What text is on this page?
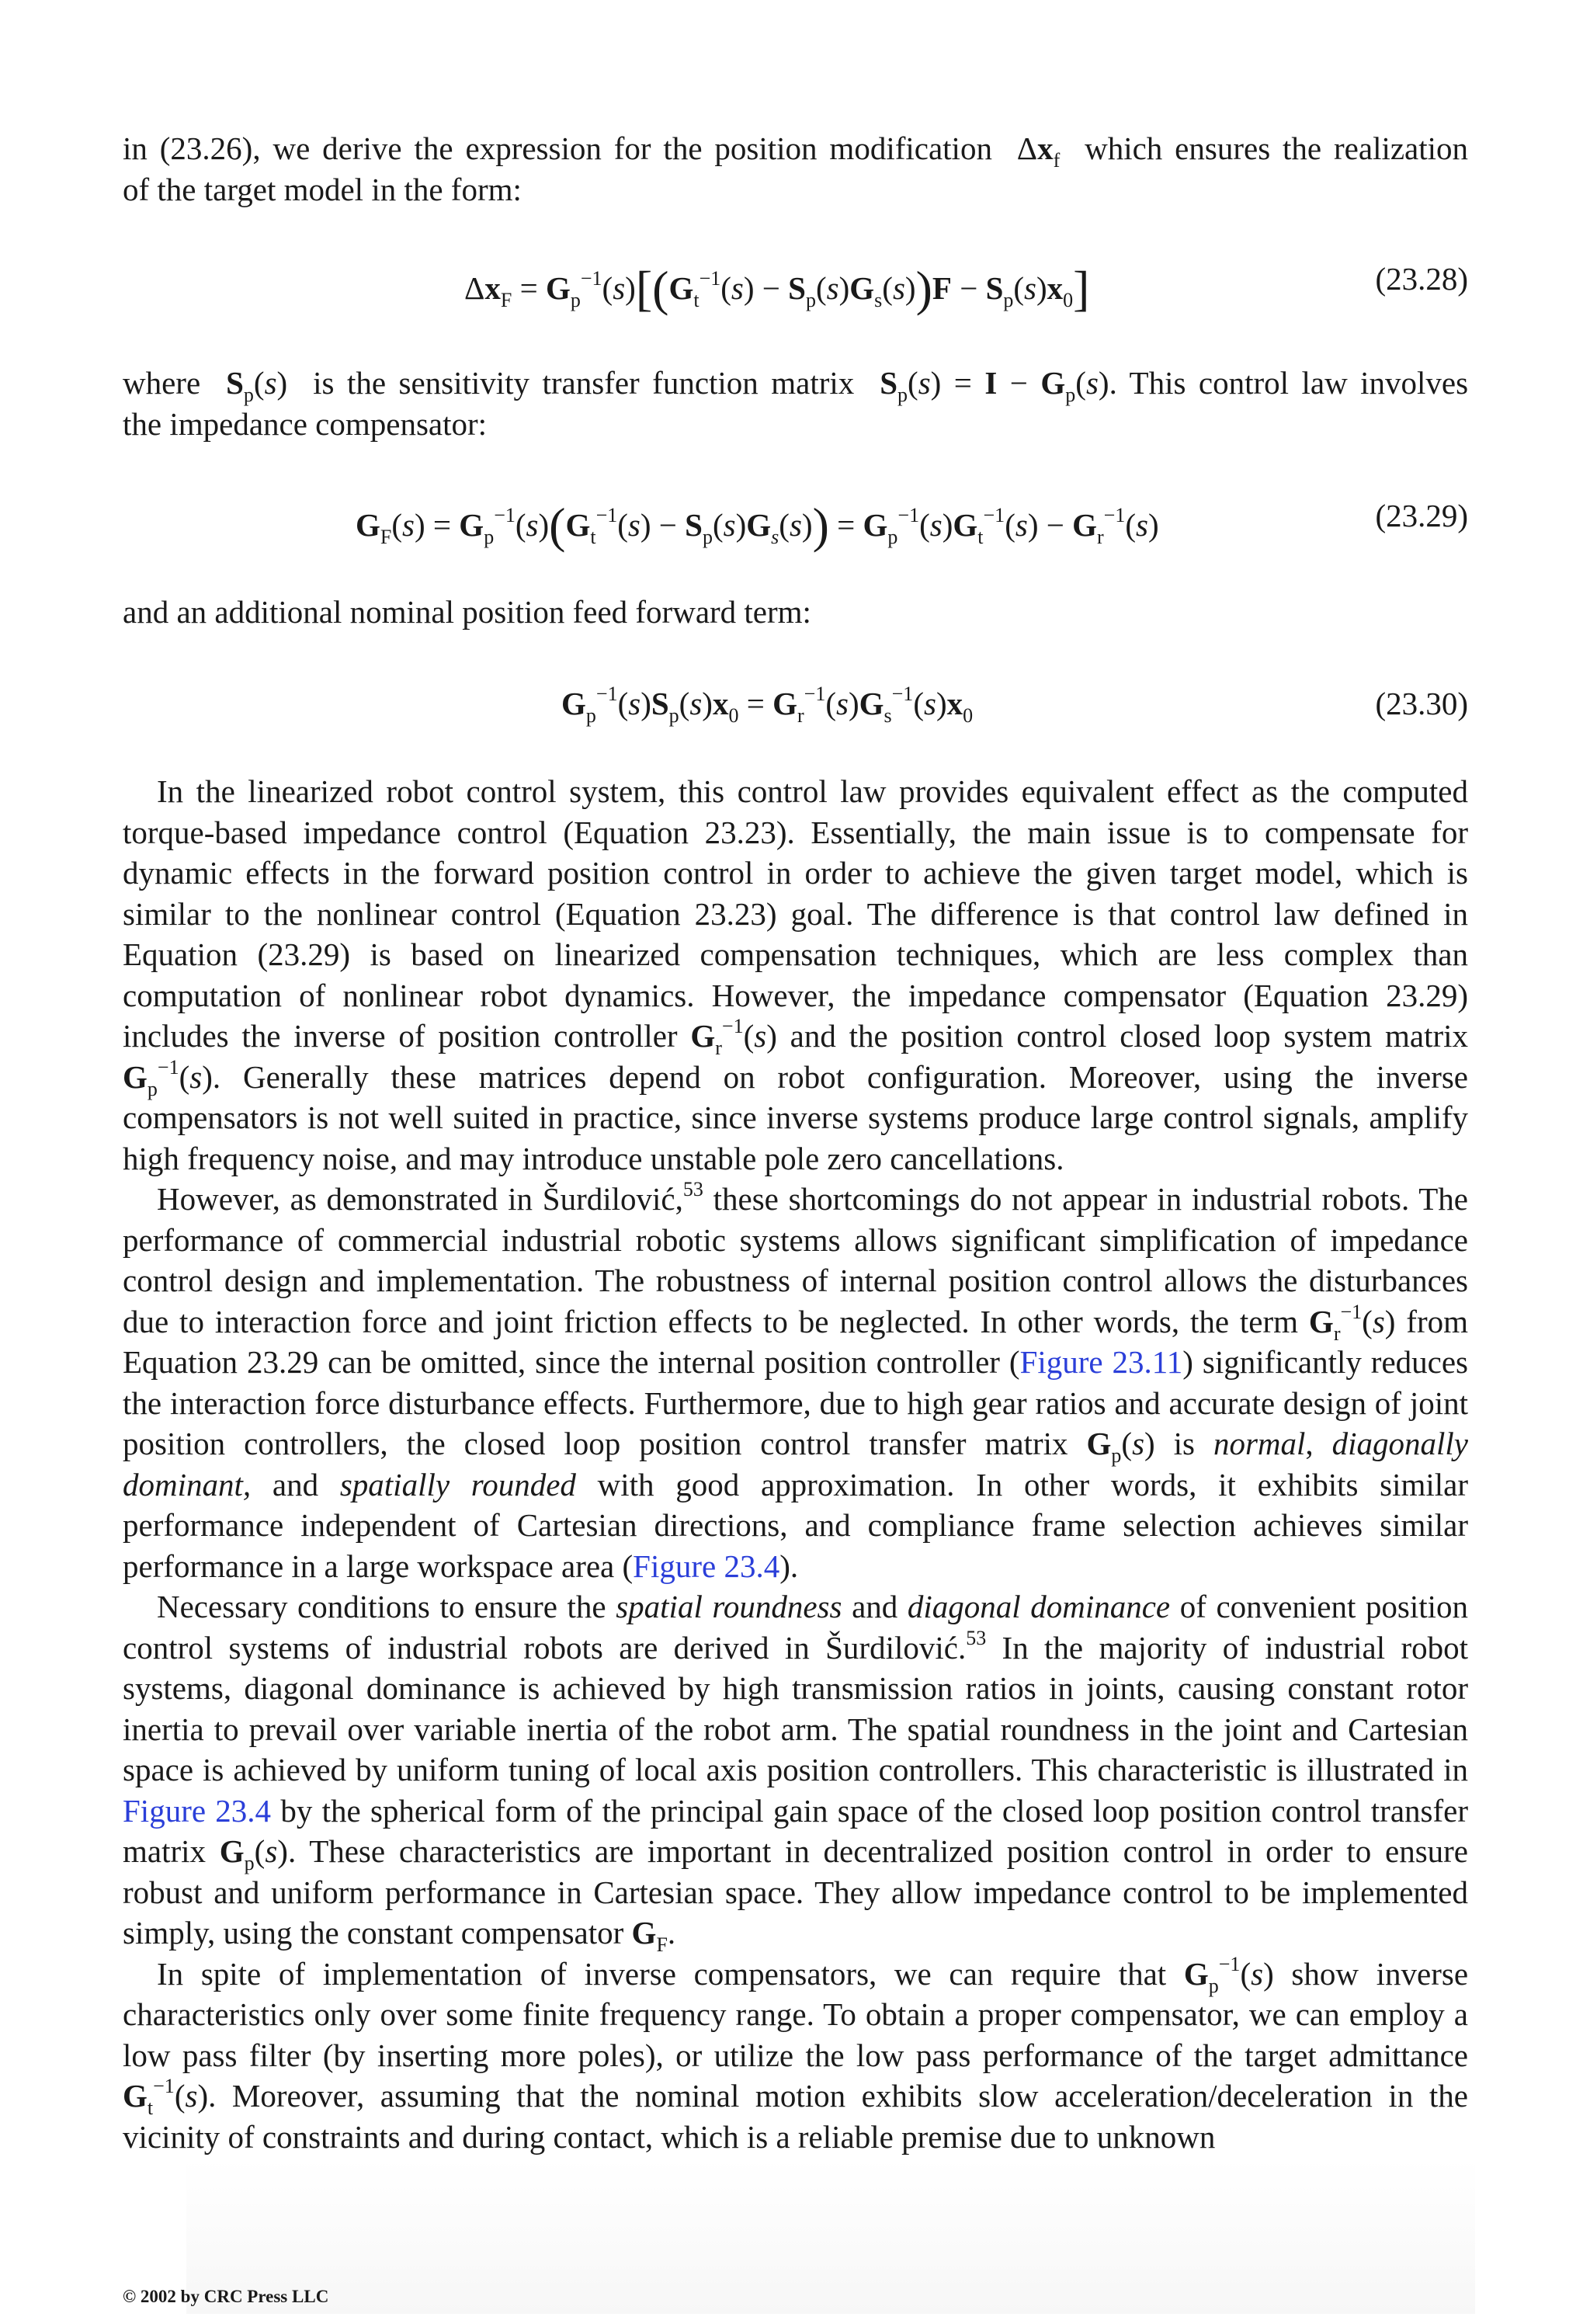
in (23.26), we derive the expression for the position modification  $\Delta x_f$ which ensures the realization

of the target model in the form:

$\Delta x_F = G_p^{-1}(s)[(G_t^{-1}(s) - S_p(s)G_s(s))F - S_p(s)x_0]$	(23.28)

where $S_p(s)$  is the sensitivity transfer function matrix $S_p(s) = I - G_p(s)$. This control law involves

the impedance compensator:

$G_F(s) = G_p^{-1}(s)(G_t^{-1}(s) - S_p(s)G_s(s)) = G_p^{-1}(s)G_t^{-1}(s) - G_r^{-1}(s)$	(23.29)

and an additional nominal position feed forward term:

$G_p^{-1}(s)S_p(s)x_0 = G_r^{-1}(s)G_s^{-1}(s)x_0$	(23.30)

In the linearized robot control system, this control law provides equivalent effect as the computed torque-based impedance control (Equation 23.23). Essentially, the main issue is to compensate for dynamic effects in the forward position control in order to achieve the given target model, which is similar to the nonlinear control (Equation 23.23) goal. The difference is that control law defined in Equation (23.29) is based on linearized compensation techniques, which are less complex than computation of nonlinear robot dynamics. However, the impedance compensator (Equation 23.29) includes the inverse of position controller $G_r^{-1}(s)$ and the position control closed loop system matrix $G_p^{-1}(s)$. Generally these matrices depend on robot configuration. Moreover, using the inverse compensators is not well suited in practice, since inverse systems produce large control signals, amplify high frequency noise, and may introduce unstable pole zero cancellations.

However, as demonstrated in Šurdilović,$^{53}$ these shortcomings do not appear in industrial robots. The performance of commercial industrial robotic systems allows significant simplification of impedance control design and implementation. The robustness of internal position control allows the disturbances due to interaction force and joint friction effects to be neglected. In other words, the term $G_r^{-1}(s)$ from Equation 23.29 can be omitted, since the internal position controller (Figure 23.11) significantly reduces the interaction force disturbance effects. Furthermore, due to high gear ratios and accurate design of joint position controllers, the closed loop position control transfer matrix $G_p(s)$ is normal, diagonally dominant, and spatially rounded with good approximation. In other words, it exhibits similar performance independent of Cartesian directions, and compliance frame selection achieves similar performance in a large workspace area (Figure 23.4).

Necessary conditions to ensure the spatial roundness and diagonal dominance of convenient position control systems of industrial robots are derived in Šurdilović.$^{53}$ In the majority of industrial robot systems, diagonal dominance is achieved by high transmission ratios in joints, causing constant rotor inertia to prevail over variable inertia of the robot arm. The spatial roundness in the joint and Cartesian space is achieved by uniform tuning of local axis position controllers. This characteristic is illustrated in Figure 23.4 by the spherical form of the principal gain space of the closed loop position control transfer matrix $G_p(s)$. These characteristics are important in decentralized position control in order to ensure robust and uniform performance in Cartesian space. They allow impedance control to be implemented simply, using the constant compensator $G_F$.

In spite of implementation of inverse compensators, we can require that $G_p^{-1}(s)$ show inverse characteristics only over some finite frequency range. To obtain a proper compensator, we can employ a low pass filter (by inserting more poles), or utilize the low pass performance of the target admittance $G_t^{-1}(s)$. Moreover, assuming that the nominal motion exhibits slow acceleration/deceleration in the vicinity of constraints and during contact, which is a reliable premise due to unknown

© 2002 by CRC Press LLC
